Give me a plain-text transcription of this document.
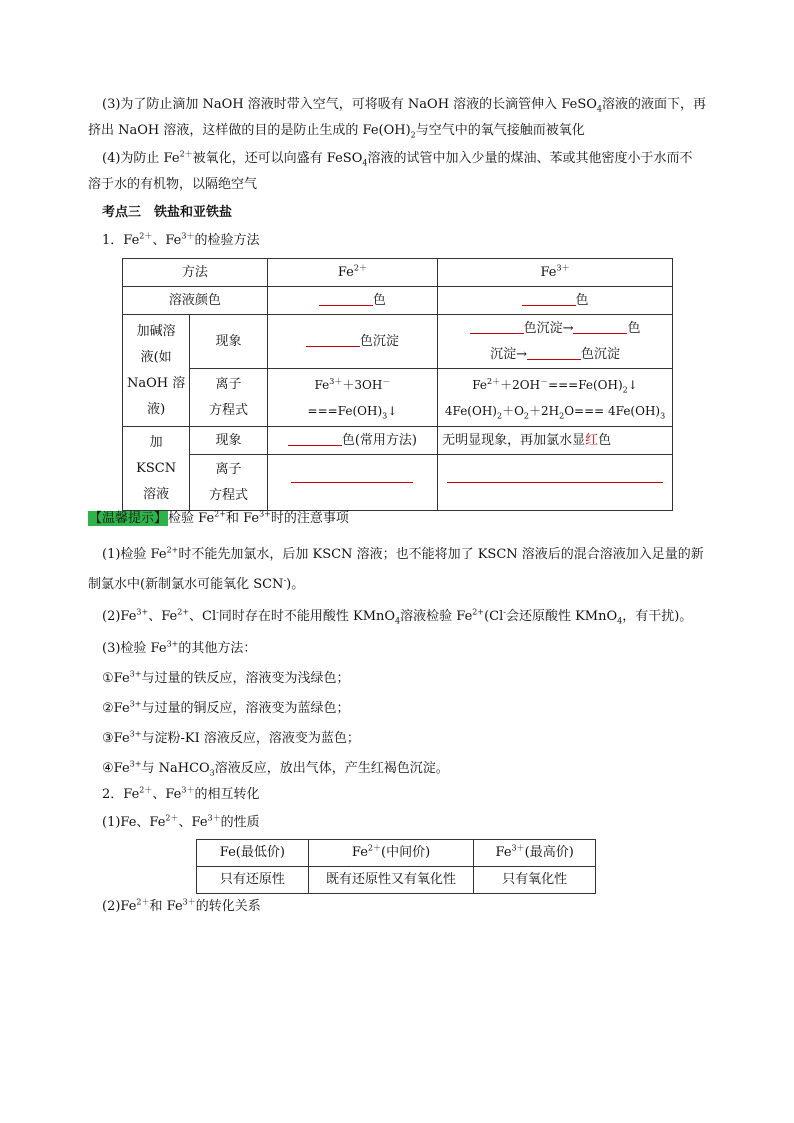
(3)为了防止滴加 NaOH 溶液时带入空气，可将吸有 NaOH 溶液的长滴管伸入 FeSO$_4$溶液的液面下，再
挤出 NaOH 溶液，这样做的目的是防止生成的 $Fe(OH)_2$与空气中的氧气接触而被氧化

(4)为防止 $Fe^{2+}$被氧化，还可以向盛有 FeSO$_4$溶液的试管中加入少量的煤油、苯或其他密度小于水而不
溶于水的有机物，以隔绝空气

考点三　铁盐和亚铁盐

1．$Fe^{2+}$、$Fe^{3+}$的检验方法

方法		$Fe^{2+}$	$Fe^{3+}$
溶液颜色		色	色

加碱溶
液(如
NaOH 溶
液)	现象	色沉淀	色沉淀→ 色
沉淀→ 色沉淀

	离子
方程式	$Fe^{3+}+3OH^-===Fe(OH)_3↓$	$Fe^{2+}+2OH^-===Fe(OH)_2↓$
$4Fe(OH)_2+O_2+2H_2O=== 4Fe(OH)_3$

加
KSCN
溶液	现象	色(常用方法)	无明显现象，再加氯水显红色

	离子
方程式		

【温馨提示】检验 $Fe^{2+}$和 $Fe^{3+}$时的注意事项

(1)检验 $Fe^{2+}$时不能先加氯水，后加 KSCN 溶液；也不能将加了 KSCN 溶液后的混合溶液加入足量的新
制氯水中(新制氯水可能氧化 SCN-)。

$(2)Fe^{3+}$、$Fe^{2+}$、Cl-同时存在时不能用酸性 KMnO$_4$溶液检验 $Fe^{2+}(Cl^-$会还原酸性 KMnO$_4$，有干扰)。

(3)检验 $Fe^{3+}$的其他方法：

$①Fe^{3+}$与过量的铁反应，溶液变为浅绿色；

$②Fe^{3+}$与过量的铜反应，溶液变为蓝绿色；

$③Fe^{3+}$与淀粉-KI 溶液反应，溶液变为蓝色；

$④Fe^{3+}$与 NaHCO$_3$溶液反应，放出气体，产生红褐色沉淀。

2．$Fe^{2+}$、$Fe^{3+}$的相互转化

(1)Fe、$Fe^{2+}$、$Fe^{3+}$的性质

Fe(最低价)	$Fe^{2+}$(中间价)	$Fe^{3+}$(最高价)
只有还原性	既有还原性又有氧化性	只有氧化性

$(2)Fe^{2+}$和 $Fe^{3+}$的转化关系
